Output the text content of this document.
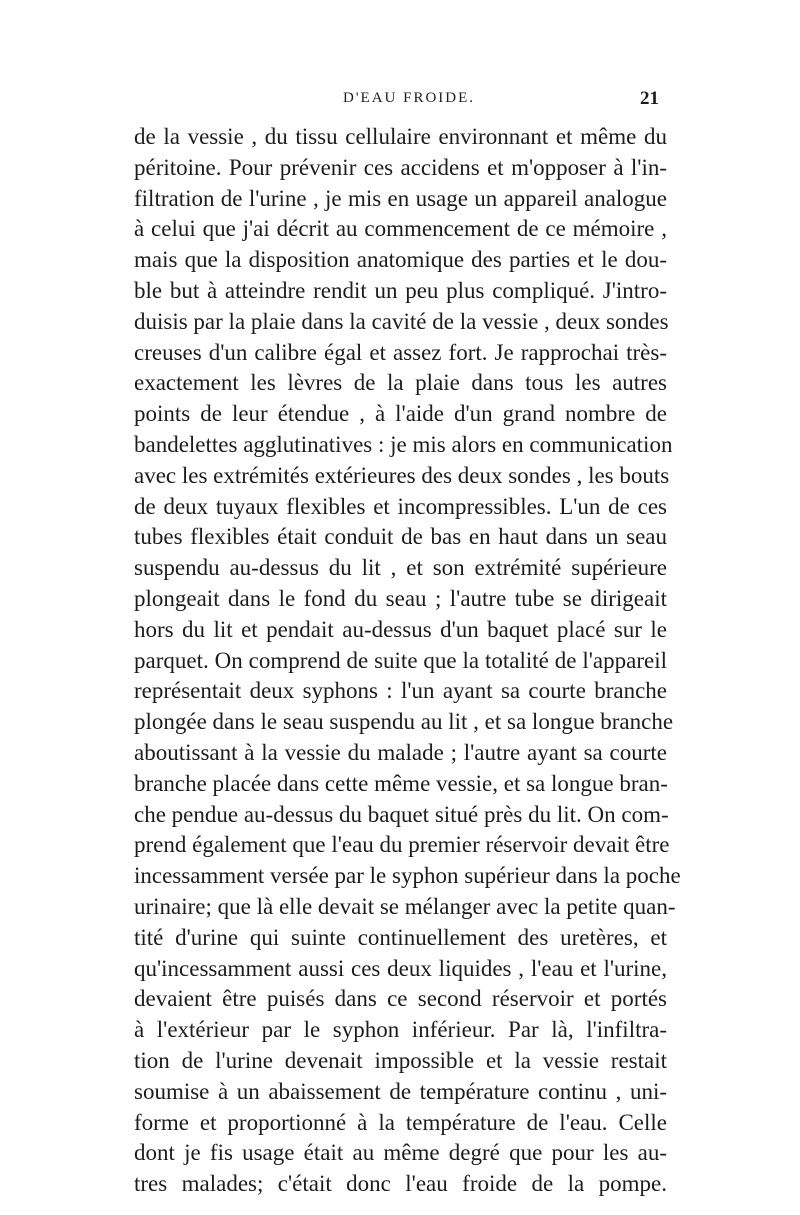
D'EAU FROIDE.	21
de la vessie , du tissu cellulaire environnant et même du
péritoine. Pour prévenir ces accidens et m'opposer à l'in-
filtration de l'urine , je mis en usage un appareil analogue
à celui que j'ai décrit au commencement de ce mémoire ,
mais que la disposition anatomique des parties et le dou-
ble but à atteindre rendit un peu plus compliqué. J'intro-
duisis par la plaie dans la cavité de la vessie , deux sondes
creuses d'un calibre égal et assez fort. Je rapprochai très-
exactement les lèvres de la plaie dans tous les autres
points de leur étendue , à l'aide d'un grand nombre de
bandelettes agglutinatives : je mis alors en communication
avec les extrémités extérieures des deux sondes , les bouts
de deux tuyaux flexibles et incompressibles. L'un de ces
tubes flexibles était conduit de bas en haut dans un seau
suspendu au-dessus du lit , et son extrémité supérieure
plongeait dans le fond du seau ; l'autre tube se dirigeait
hors du lit et pendait au-dessus d'un baquet placé sur le
parquet. On comprend de suite que la totalité de l'appareil
représentait deux syphons : l'un ayant sa courte branche
plongée dans le seau suspendu au lit , et sa longue branche
aboutissant à la vessie du malade ; l'autre ayant sa courte
branche placée dans cette même vessie, et sa longue bran-
che pendue au-dessus du baquet situé près du lit. On com-
prend également que l'eau du premier réservoir devait être
incessamment versée par le syphon supérieur dans la poche
urinaire; que là elle devait se mélanger avec la petite quan-
tité d'urine qui suinte continuellement des uretères, et
qu'incessamment aussi ces deux liquides , l'eau et l'urine,
devaient être puisés dans ce second réservoir et portés
à l'extérieur par le syphon inférieur. Par là, l'infiltra-
tion de l'urine devenait impossible et la vessie restait
soumise à un abaissement de température continu , uni-
forme et proportionné à la température de l'eau. Celle
dont je fis usage était au même degré que pour les au-
tres malades; c'était donc l'eau froide de la pompe.
